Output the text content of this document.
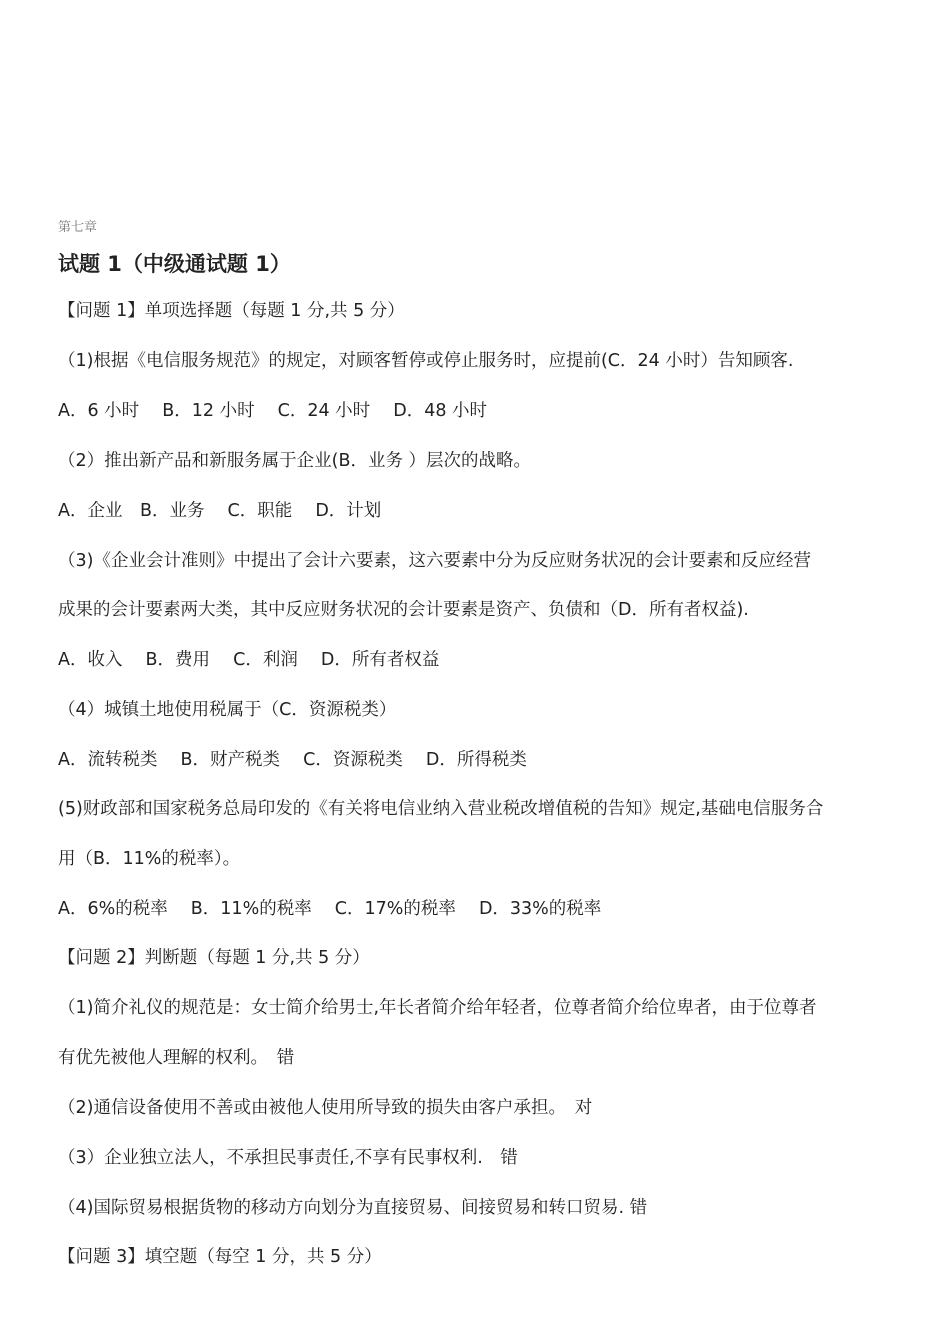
第七章
试题 1（中级通试题 1）
【问题 1】单项选择题（每题 1 分,共 5 分）
（1)根据《电信服务规范》的规定，对顾客暂停或停止服务时，应提前(C．24 小时）告知顾客.
A．6 小时　 B．12 小时　 C．24 小时　 D．48 小时
（2）推出新产品和新服务属于企业(B．业务 ）层次的战略。
A．企业　B．业务　 C．职能　 D．计划
（3)《企业会计准则》中提出了会计六要素，这六要素中分为反应财务状况的会计要素和反应经营
成果的会计要素两大类，其中反应财务状况的会计要素是资产、负债和（D．所有者权益).
A．收入　 B．费用　 C．利润　 D．所有者权益
（4）城镇土地使用税属于（C．资源税类）
A．流转税类　 B．财产税类　 C．资源税类　 D．所得税类
(5)财政部和国家税务总局印发的《有关将电信业纳入营业税改增值税的告知》规定,基础电信服务合
用（B．11%的税率）。
A．6%的税率　 B．11%的税率　 C．17%的税率　 D．33%的税率
【问题 2】判断题（每题 1 分,共 5 分）
（1)简介礼仪的规范是：女士简介给男士,年长者简介给年轻者，位尊者简介给位卑者，由于位尊者
有优先被他人理解的权利。　错
（2)通信设备使用不善或由被他人使用所导致的损失由客户承担。　对
（3）企业独立法人，不承担民事责任,不享有民事权利.　错
（4)国际贸易根据货物的移动方向划分为直接贸易、间接贸易和转口贸易. 错
【问题 3】填空题（每空 1 分，共 5 分）
